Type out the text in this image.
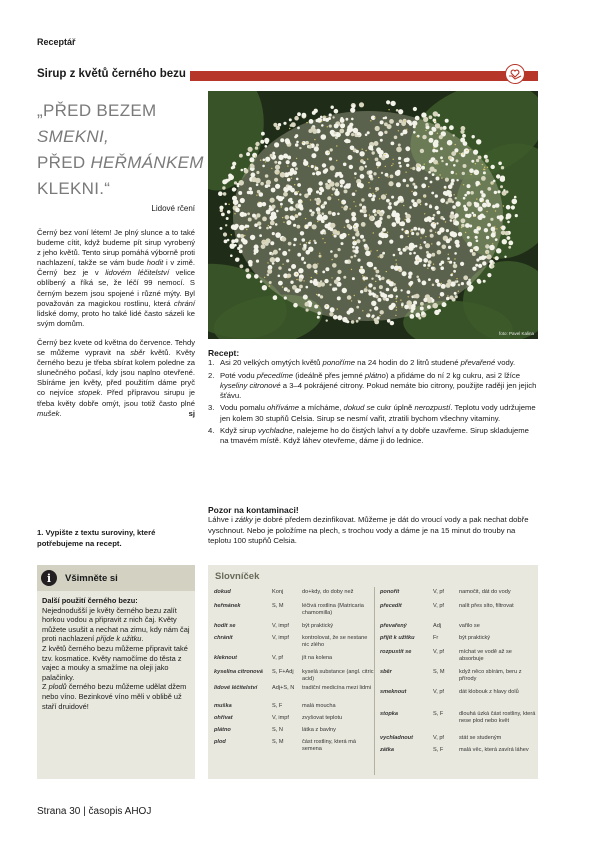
Receptář
Sirup z květů černého bezu
„PŘED BEZEM
SMEKNI,
PŘED HEŘMÁNKEM
KLEKNI.“
Lidové rčení

Černý bez voní létem! Je plný slunce a to také budeme cítit, když budeme pít sirup vyrobený z jeho květů. Tento sirup pomáhá výborně proti nachlazení, takže se vám bude hodit i v zimě. Černý bez je v lidovém léčitelství velice oblíbený a říká se, že léčí 99 nemocí. S černým bezem jsou spojené i různé mýty. Byl považován za magickou rostlinu, která chrání lidské domy, proto ho také lidé často sázeli ke svým domům.

Černý bez kvete od května do července. Tehdy se můžeme vypravit na sběr květů. Květy černého bezu je třeba sbírat kolem poledne za slunečného počasí, kdy jsou naplno otevřené. Sbíráme jen květy, před použitím dáme pryč co nejvíce stopek. Před přípravou sirupu je třeba květy dobře omýt, jsou totiž často plné mušek.	sj

1. Vypište z textu suroviny, které potřebujeme na recept.
i	Všimněte si
Další použití černého bezu:
Nejednodušší je květy černého bezu zalít horkou vodou a připravit z nich čaj. Květy můžete usušit a nechat na zimu, kdy nám čaj proti nachlazení přijde k užitku.
Z květů černého bezu můžeme připravit také tzv. kosmatice. Květy namočíme do těsta z vajec a mouky a smažíme na oleji jako palačinky.
Z plodů černého bezu můžeme udělat džem nebo víno. Bezinkové víno měli v oblibě už staří druidové!
foto: Pavel Kalina
Recept:
1. Asi 20 velkých omytých květů ponoříme na 24 hodin do 2 litrů studené převařené vody.
2. Poté vodu přecedíme (ideálně přes jemné plátno) a přidáme do ní 2 kg cukru, asi 2 lžíce kyseliny citronové a 3–4 pokrájené citrony. Pokud nemáte bio citrony, použijte raději jen jejich šťávu.
3. Vodu pomalu ohříváme a mícháme, dokud se cukr úplně nerozpustí. Teplotu vody udržujeme jen kolem 30 stupňů Celsia. Sirup se nesmí vařit, ztratili bychom všechny vitaminy.
4. Když sirup vychladne, nalejeme ho do čistých lahví a ty dobře uzavřeme. Sirup skladujeme na tmavém místě. Když láhev otevřeme, dáme ji do lednice.
Pozor na kontaminaci!
Láhve i zátky je dobré předem dezinfikovat. Můžeme je dát do vroucí vody a pak nechat dobře vyschnout. Nebo je položíme na plech, s trochou vody a dáme je na 15 minut do trouby na teplotu 100 stupňů Celsia.
Slovníček
dokud	Konj	do+kdy, do doby než
heřmánek	S, M	léčivá rostlina (Matricaria chamomilla)
hodit se	V, impf	být praktický
chránit	V, impf	kontrolovat, že se nestane nic zlého
kleknout	V, pf	jít na kolena
kyselina citronová	S, F+Adj	kyselá substance (angl. citric acid)
lidové léčitelství	Adj+S, N	tradiční medicína mezi lidmi
muška	S, F	malá moucha
ohřívat	V, impf	zvyšovat teplotu
plátno	S, N	látka z bavlny
plod	S, M	část rostliny, která má semena
ponořit	V, pf	namočit, dát do vody
přecedit	V, pf	nalít přes síto, filtrovat
převařený	Adj	vařilo se
přijít k užitku	Fr	být praktický
rozpustit se	V, pf	míchat ve vodě až se absorbuje
sběr	S, M	když něco sbírám, beru z přírody
smeknout	V, pf	dát klobouk z hlavy dolů
stopka	S, F	dlouhá úzká část rostliny, která nese plod nebo květ
vychladnout	V, pf	stát se studeným
zátka	S, F	malá věc, která zavírá láhev
Strana 30 | časopis AHOJ
